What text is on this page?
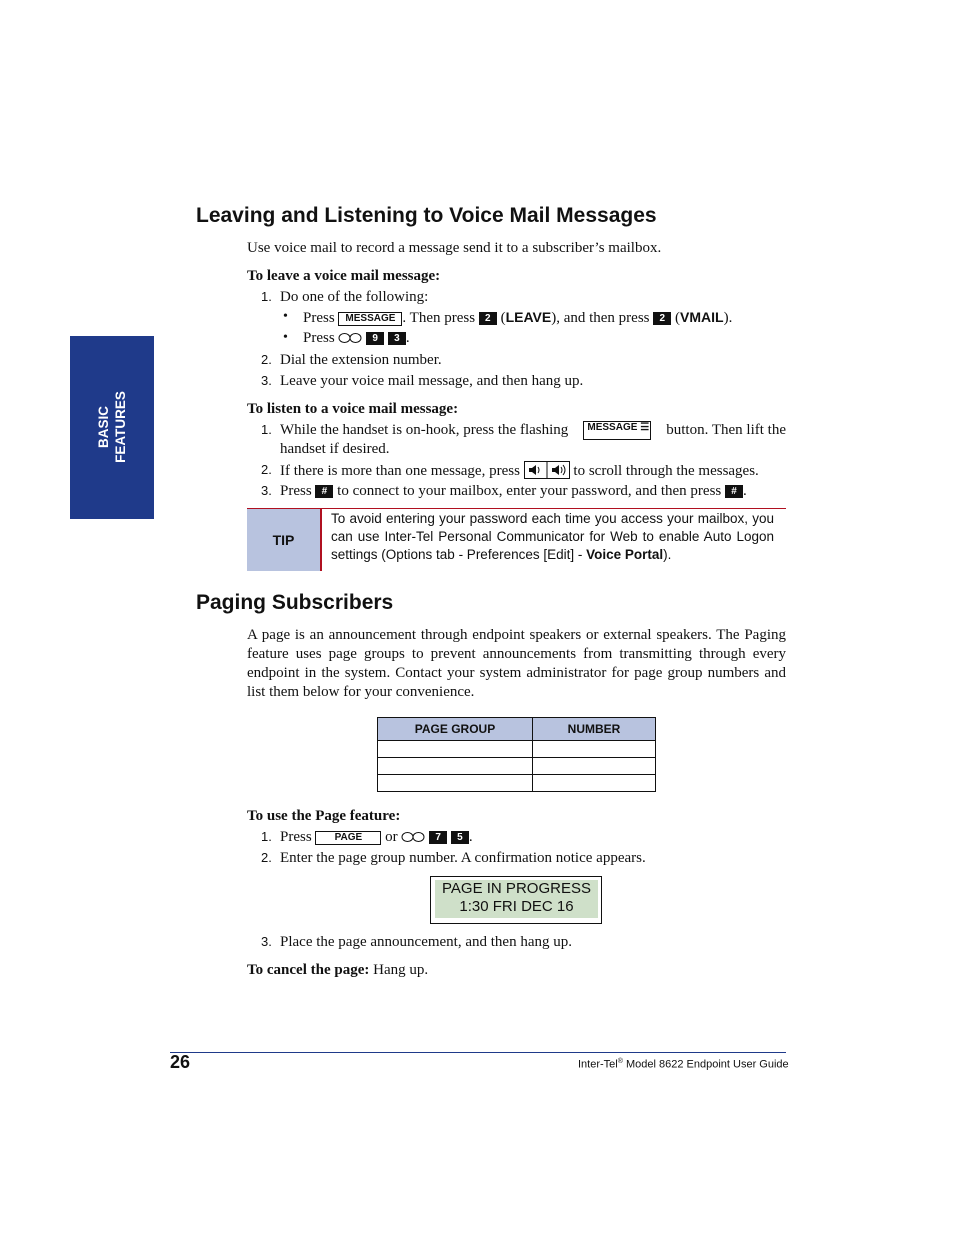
BASIC FEATURES
Leaving and Listening to Voice Mail Messages
Use voice mail to record a message send it to a subscriber’s mailbox.
To leave a voice mail message:
1. Do one of the following:
• Press MESSAGE . Then press 2 (LEAVE), and then press 2 (VMAIL).
• Press	9 3 .
2. Dial the extension number.
3. Leave your voice mail message, and then hang up.
To listen to a voice mail message:
1. While the handset is on-hook, press the flashing	MESSAGE ☰ button. Then lift the
handset if desired.
2. If there is more than one message, press	to scroll through the messages.
3. Press # to connect to your mailbox, enter your password, and then press # .
TIP
To avoid entering your password each time you access your mailbox, you can use Inter-Tel Personal Communicator for Web to enable Auto Logon settings (Options tab - Preferences [Edit] - Voice Portal).
Paging Subscribers
A page is an announcement through endpoint speakers or external speakers. The Paging feature uses page groups to prevent announcements from transmitting through every endpoint in the system. Contact your system administrator for page group numbers and list them below for your convenience.
PAGE GROUP	NUMBER

To use the Page feature:
1. Press PAGE or	7 5 .
2. Enter the page group number. A confirmation notice appears.
PAGE IN PROGRESS
1:30 FRI DEC 16
3. Place the page announcement, and then hang up.
To cancel the page: Hang up.
26	Inter-Tel® Model 8622 Endpoint User Guide
